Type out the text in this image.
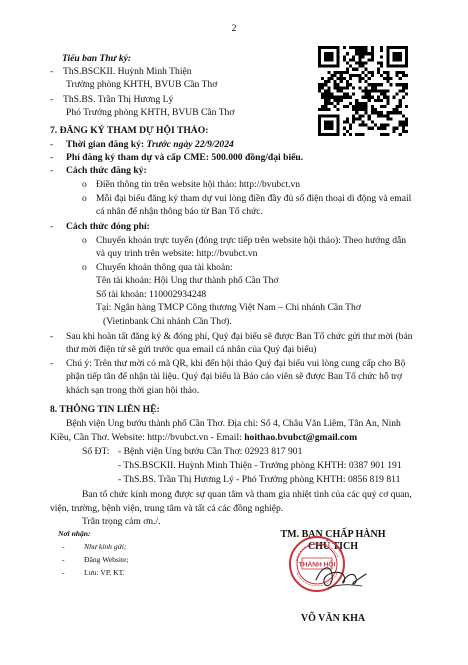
2
Tiểu ban Thư ký:
- ThS.BSCKII. Huỳnh Minh Thiện
Trưởng phòng KHTH, BVUB Cần Thơ
- ThS.BS. Trần Thị Hương Lý
Phó Trưởng phòng KHTH, BVUB Cần Thơ
7. ĐĂNG KÝ THAM DỰ HỘI THẢO:
- Thời gian đăng ký: Trước ngày 22/9/2024
- Phí đăng ký tham dự và cấp CME: 500.000 đồng/đại biểu.
- Cách thức đăng ký:
o Điền thông tin trên website hội thảo: http://bvubct.vn
o Mỗi đại biểu đăng ký tham dự vui lòng điền đầy đủ số điện thoại di động và email
cá nhân để nhận thông báo từ Ban Tổ chức.
- Cách thức đóng phí:
o Chuyển khoản trực tuyến (đóng trực tiếp trên website hội thảo): Theo hướng dẫn
và quy trình trên website: http://bvubct.vn
o Chuyển khoản thông qua tài khoản:
Tên tài khoản: Hội Ung thư thành phố Cần Thơ
Số tài khoản: 110002934248
Tại: Ngân hàng TMCP Công thương Việt Nam – Chi nhánh Cần Thơ
(Vietinbank Chi nhánh Cần Thơ).
- Sau khi hoàn tất đăng ký & đóng phí, Quý đại biểu sẽ được Ban Tổ chức gửi thư mời (bản
thư mời điện tử sẽ gửi trước qua email cá nhân của Quý đại biểu)
- Chú ý: Trên thư mời có mã QR, khi đến hội thảo Quý đại biểu vui lòng cung cấp cho Bộ
phận tiếp tân để nhận tài liệu. Quý đại biểu là Báo cáo viên sẽ được Ban Tổ chức hỗ trợ
khách sạn trong thời gian hội thảo.
8. THÔNG TIN LIÊN HỆ:
Bệnh viện Ung bướu thành phố Cần Thơ. Địa chỉ: Số 4, Châu Văn Liêm, Tân An, Ninh
Kiều, Cần Thơ. Website: http://bvubct.vn - Email: hoithao.bvubct@gmail.com
Số ĐT: - Bệnh viện Ung bướu Cần Thơ: 02923 817 901
- ThS.BSCKII. Huỳnh Minh Thiện - Trưởng phòng KHTH: 0387 901 191
- ThS.BS. Trần Thị Hương Lý - Phó Trưởng phòng KHTH: 0856 819 811
Ban tổ chức kính mong được sự quan tâm và tham gia nhiệt tình của các quý cơ quan,
viện, trường, bệnh viện, trung tâm và tất cả các đồng nghiệp.
Trân trọng cảm ơn./.
Nơi nhận:
-	Như kính gửi;
-	Đăng Website;
-	Lưu: VP, KT.
TM. BAN CHẤP HÀNH
CHỦ TỊCH
THÀNH HỘI
VÕ VĂN KHA
